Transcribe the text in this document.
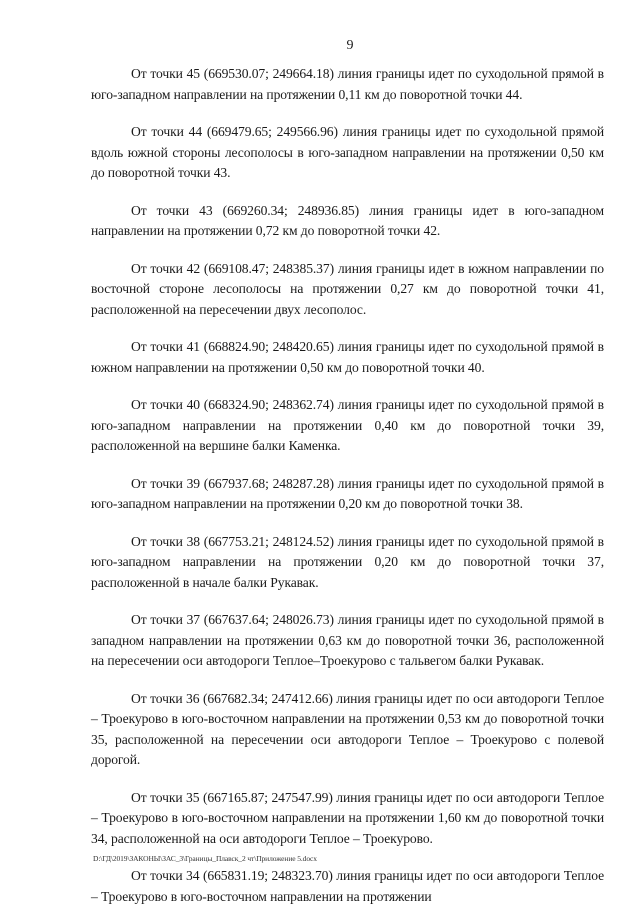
9

От точки 45 (669530.07; 249664.18) линия границы идет по суходольной прямой в юго-западном направлении на протяжении 0,11 км до поворотной точки 44.

От точки 44 (669479.65; 249566.96) линия границы идет по суходольной прямой вдоль южной стороны лесополосы в юго-западном направлении на протяжении 0,50 км до поворотной точки 43.

От точки 43 (669260.34; 248936.85) линия границы идет в юго-западном направлении на протяжении 0,72 км до поворотной точки 42.

От точки 42 (669108.47; 248385.37) линия границы идет в южном направлении по восточной стороне лесополосы на протяжении 0,27 км до поворотной точки 41, расположенной на пересечении двух лесополос.

От точки 41 (668824.90; 248420.65) линия границы идет по суходольной прямой в южном направлении на протяжении 0,50 км до поворотной точки 40.

От точки 40 (668324.90; 248362.74) линия границы идет по суходольной прямой в юго-западном направлении на протяжении 0,40 км до поворотной точки 39, расположенной на вершине балки Каменка.

От точки 39 (667937.68; 248287.28) линия границы идет по суходольной прямой в юго-западном направлении на протяжении 0,20 км до поворотной точки 38.

От точки 38 (667753.21; 248124.52) линия границы идет по суходольной прямой в юго-западном направлении на протяжении 0,20 км до поворотной точки 37, расположенной в начале балки Рукавак.

От точки 37 (667637.64; 248026.73) линия границы идет по суходольной прямой в западном направлении на протяжении 0,63 км до поворотной точки 36, расположенной на пересечении оси автодороги Теплое–Троекурово с тальвегом балки Рукавак.

От точки 36 (667682.34; 247412.66) линия границы идет по оси автодороги Теплое – Троекурово в юго-восточном направлении на протяжении 0,53 км до поворотной точки 35, расположенной на пересечении оси автодороги Теплое – Троекурово с полевой дорогой.

От точки 35 (667165.87; 247547.99) линия границы идет по оси автодороги Теплое – Троекурово в юго-восточном направлении на протяжении 1,60 км до поворотной точки 34, расположенной на оси автодороги Теплое – Троекурово.

От точки 34 (665831.19; 248323.70) линия границы идет по оси автодороги Теплое – Троекурово в юго-восточном направлении на протяжении

D:\ГД\2019\ЗАКОНЫ\ЗАС_3\Границы_Плавск_2 чт\Приложение 5.docx
